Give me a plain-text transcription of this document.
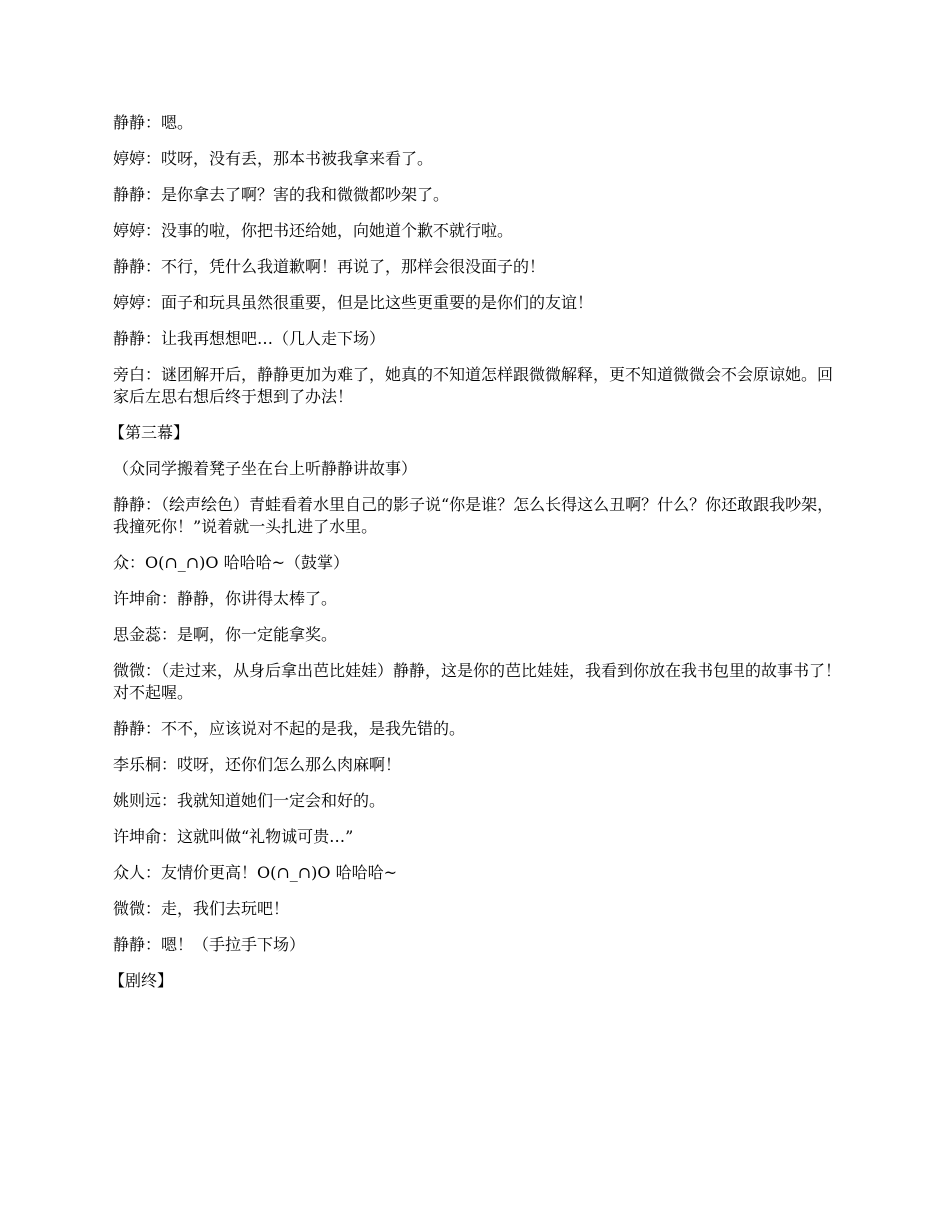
静静：嗯。

婷婷：哎呀，没有丢，那本书被我拿来看了。

静静：是你拿去了啊？害的我和微微都吵架了。

婷婷：没事的啦，你把书还给她，向她道个歉不就行啦。

静静：不行，凭什么我道歉啊！再说了，那样会很没面子的！

婷婷：面子和玩具虽然很重要，但是比这些更重要的是你们的友谊！

静静：让我再想想吧…（几人走下场）

旁白：谜团解开后，静静更加为难了，她真的不知道怎样跟微微解释，更不知道微微会不会原谅她。回家后左思右想后终于想到了办法！

【第三幕】

（众同学搬着凳子坐在台上听静静讲故事）

静静：（绘声绘色）青蛙看着水里自己的影子说“你是谁？怎么长得这么丑啊？什么？你还敢跟我吵架，我撞死你！”说着就一头扎进了水里。

众：O(∩_∩)O 哈哈哈~（鼓掌）

许坤俞：静静，你讲得太棒了。

思金蕊：是啊，你一定能拿奖。

微微：（走过来，从身后拿出芭比娃娃）静静，这是你的芭比娃娃，我看到你放在我书包里的故事书了！对不起喔。

静静：不不，应该说对不起的是我，是我先错的。

李乐桐：哎呀，还你们怎么那么肉麻啊！

姚则远：我就知道她们一定会和好的。

许坤俞：这就叫做“礼物诚可贵…”

众人：友情价更高！O(∩_∩)O 哈哈哈~

微微：走，我们去玩吧！

静静：嗯！（手拉手下场）

【剧终】
